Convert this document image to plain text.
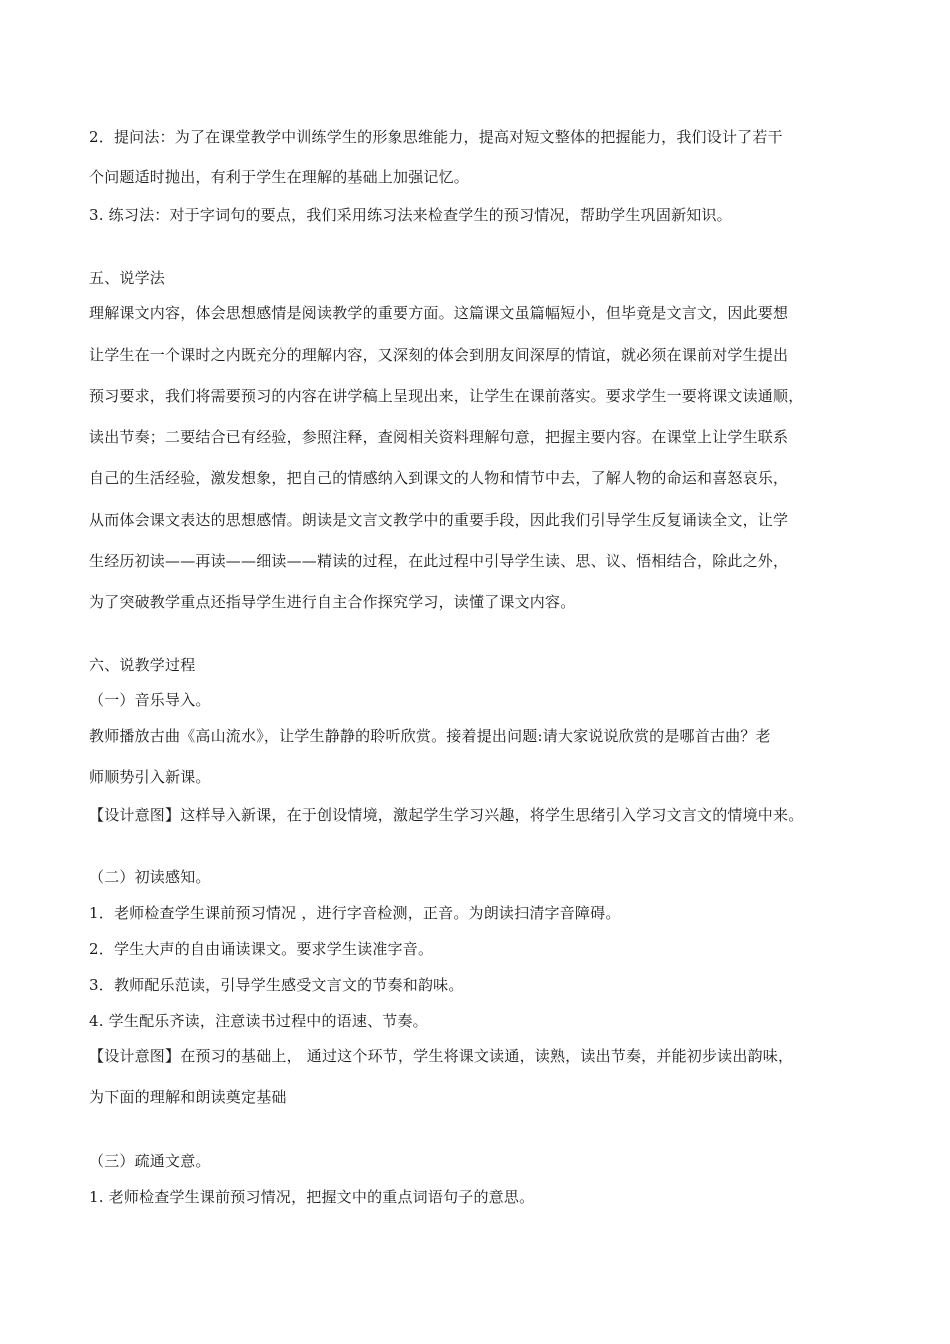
2．提问法：为了在课堂教学中训练学生的形象思维能力，提高对短文整体的把握能力，我们设计了若干
个问题适时抛出，有利于学生在理解的基础上加强记忆。
3. 练习法：对于字词句的要点，我们采用练习法来检查学生的预习情况，帮助学生巩固新知识。
五、说学法
理解课文内容，体会思想感情是阅读教学的重要方面。这篇课文虽篇幅短小，但毕竟是文言文，因此要想
让学生在一个课时之内既充分的理解内容，又深刻的体会到朋友间深厚的情谊，就必须在课前对学生提出
预习要求，我们将需要预习的内容在讲学稿上呈现出来，让学生在课前落实。要求学生一要将课文读通顺，
读出节奏；二要结合已有经验，参照注释，查阅相关资料理解句意，把握主要内容。在课堂上让学生联系
自己的生活经验，激发想象，把自己的情感纳入到课文的人物和情节中去，了解人物的命运和喜怒哀乐，
从而体会课文表达的思想感情。朗读是文言文教学中的重要手段，因此我们引导学生反复诵读全文，让学
生经历初读——再读——细读——精读的过程，在此过程中引导学生读、思、议、悟相结合，除此之外，
为了突破教学重点还指导学生进行自主合作探究学习，读懂了课文内容。
六、说教学过程
（一）音乐导入。
教师播放古曲《高山流水》，让学生静静的聆听欣赏。接着提出问题:请大家说说欣赏的是哪首古曲？老
师顺势引入新课。
【设计意图】这样导入新课，在于创设情境，激起学生学习兴趣，将学生思绪引入学习文言文的情境中来。
（二）初读感知。
1．老师检查学生课前预习情况 ，进行字音检测，正音。为朗读扫清字音障碍。
2．学生大声的自由诵读课文。要求学生读准字音。
3．教师配乐范读，引导学生感受文言文的节奏和韵味。
4. 学生配乐齐读，注意读书过程中的语速、节奏。
【设计意图】在预习的基础上， 通过这个环节，学生将课文读通，读熟，读出节奏，并能初步读出韵味，
为下面的理解和朗读奠定基础
（三）疏通文意。
1. 老师检查学生课前预习情况，把握文中的重点词语句子的意思。
